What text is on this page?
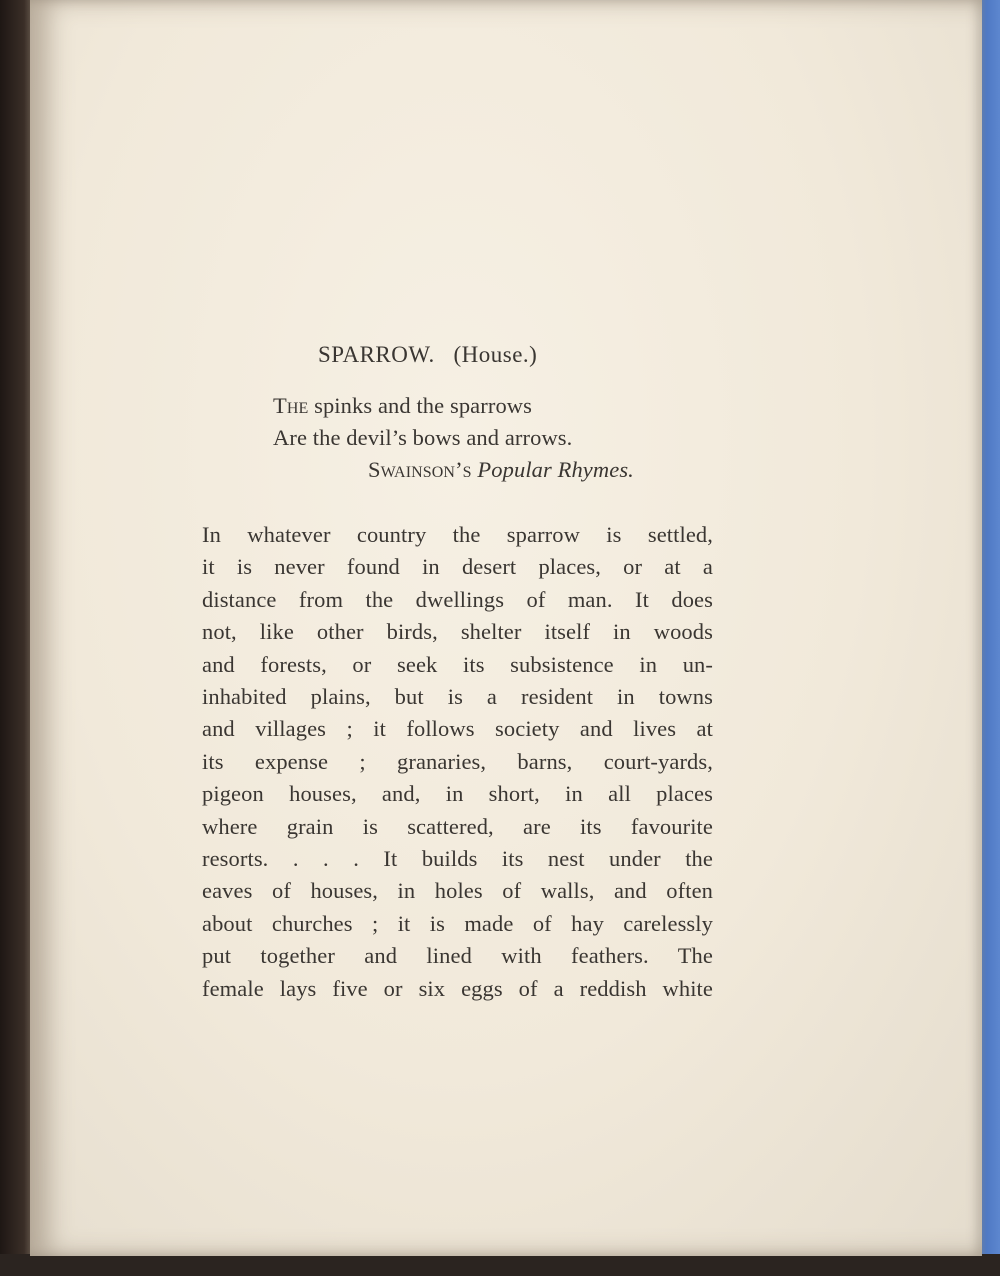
SPARROW. (House.)
The spinks and the sparrows
Are the devil’s bows and arrows.
Swainson’s Popular Rhymes.
In whatever country the sparrow is settled,
it is never found in desert places, or at a
distance from the dwellings of man. It does
not, like other birds, shelter itself in woods
and forests, or seek its subsistence in un-
inhabited plains, but is a resident in towns
and villages ; it follows society and lives at
its expense ; granaries, barns, court-yards,
pigeon houses, and, in short, in all places
where grain is scattered, are its favourite
resorts. . . . It builds its nest under the
eaves of houses, in holes of walls, and often
about churches ; it is made of hay carelessly
put together and lined with feathers. The
female lays five or six eggs of a reddish white
